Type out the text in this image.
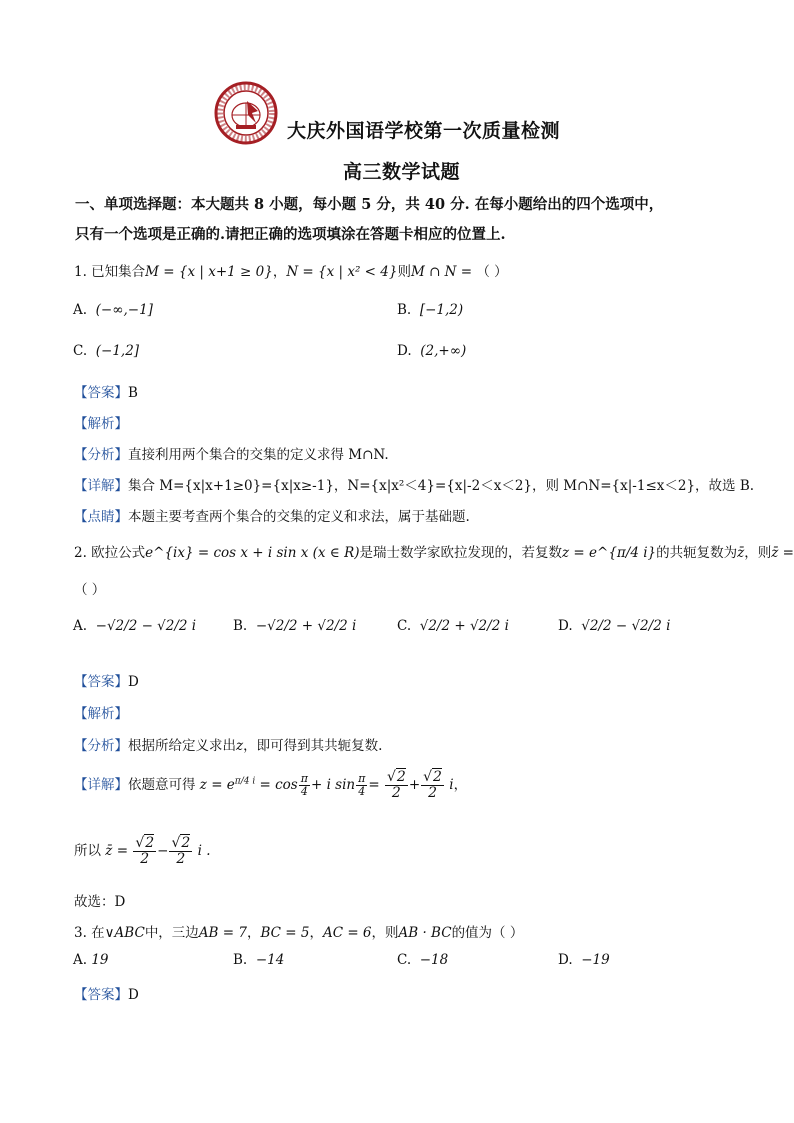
大庆外国语学校第一次质量检测
高三数学试题
一、单项选择题：本大题共 8 小题，每小题 5 分，共 40 分. 在每小题给出的四个选项中，
只有一个选项是正确的.请把正确的选项填涂在答题卡相应的位置上.
1. 已知集合M = {x | x+1 ≥ 0}，N = {x | x² < 4}则M ∩ N = （ ）
A. (−∞,−1]	B. [−1,2)
C. (−1,2]	D. (2,+∞)
【答案】B
【解析】
【分析】直接利用两个集合的交集的定义求得 M∩N.
【详解】集合 M={x|x+1≥0}={x|x≥-1}，N={x|x²＜4}={x|-2＜x＜2}，则 M∩N={x|-1≤x＜2}，故选 B.
【点睛】本题主要考查两个集合的交集的定义和求法，属于基础题.
2. 欧拉公式e^{ix} = cos x + i sin x (x ∈ R)是瑞士数学家欧拉发现的，若复数z = e^{π/4 i}的共轭复数为z̄，则z̄ =
（ ）
A. −√2/2 − √2/2 i	B. −√2/2 + √2/2 i	C. √2/2 + √2/2 i	D. √2/2 − √2/2 i
【答案】D
【解析】
【分析】根据所给定义求出z，即可得到其共轭复数.
【详解】依题意可得 $z = e^{\pi/4 i} = \cos \frac{\pi}{4} + i$ $\sin \frac{\pi}{4} = \frac{√2}{2} + \frac{√2}{2}$ i，
所以 z̄ = $\frac{√2}{2} - \frac{√2}{2}$ i .
故选：D
3. 在∨ABC中，三边AB = 7，BC = 5，AC = 6，则AB · BC的值为（ ）
A. 19	B. −14	C. −18	D. −19
【答案】D
